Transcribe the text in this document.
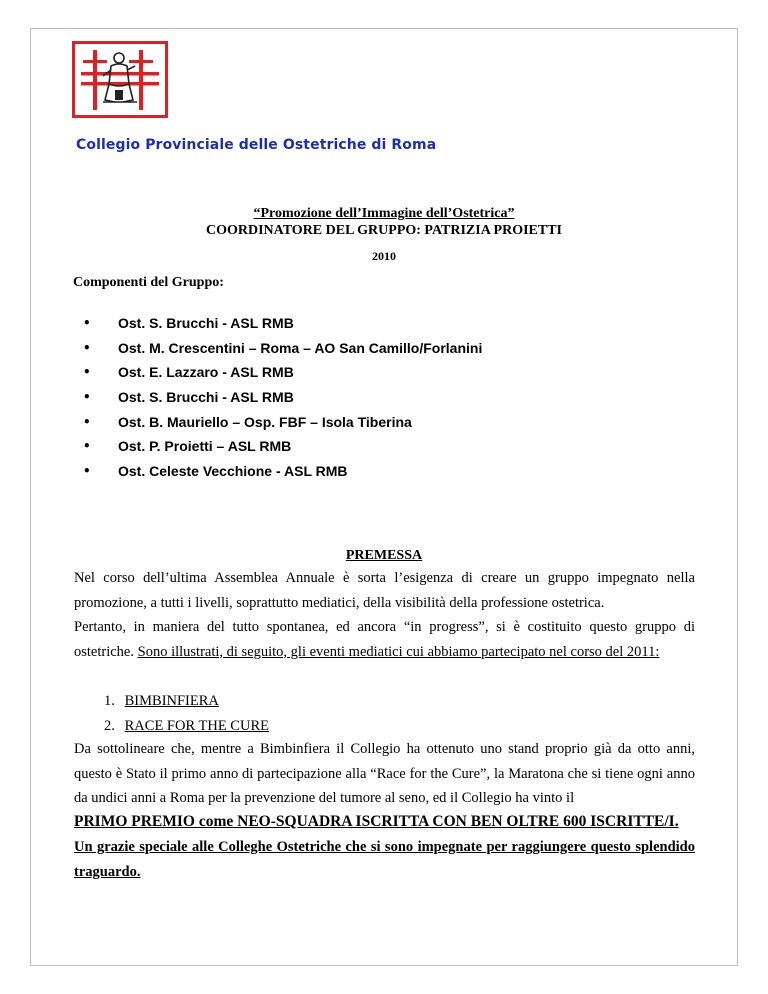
Collegio Provinciale delle Ostetriche di Roma
“Promozione dell’Immagine dell’Ostetrica”
COORDINATORE DEL GRUPPO: PATRIZIA PROIETTI
2010
Componenti del Gruppo:
• Ost. S. Brucchi - ASL RMB
• Ost. M. Crescentini – Roma – AO San Camillo/Forlanini
• Ost. E. Lazzaro - ASL RMB
• Ost. S. Brucchi - ASL RMB
• Ost. B. Mauriello – Osp. FBF – Isola Tiberina
• Ost. P. Proietti – ASL RMB
• Ost. Celeste Vecchione - ASL RMB
PREMESSA
Nel corso dell’ultima Assemblea Annuale è sorta l’esigenza di creare un gruppo impegnato nella promozione, a tutti i livelli, soprattutto mediatici, della visibilità della professione ostetrica.
Pertanto, in maniera del tutto spontanea, ed ancora “in progress”, si è costituito questo gruppo di ostetriche. Sono illustrati, di seguito, gli eventi mediatici cui abbiamo partecipato nel corso del 2011:
1. BIMBINFIERA
2. RACE FOR THE CURE
Da sottolineare che, mentre a Bimbinfiera il Collegio ha ottenuto uno stand proprio già da otto anni, questo è Stato il primo anno di partecipazione alla “Race for the Cure”, la Maratona che si tiene ogni anno da undici anni a Roma per la prevenzione del tumore al seno, ed il Collegio ha vinto il
PRIMO PREMIO come NEO-SQUADRA ISCRITTA CON BEN OLTRE 600 ISCRITTE/I.
Un grazie speciale alle Colleghe Ostetriche che si sono impegnate per raggiungere questo splendido traguardo.
